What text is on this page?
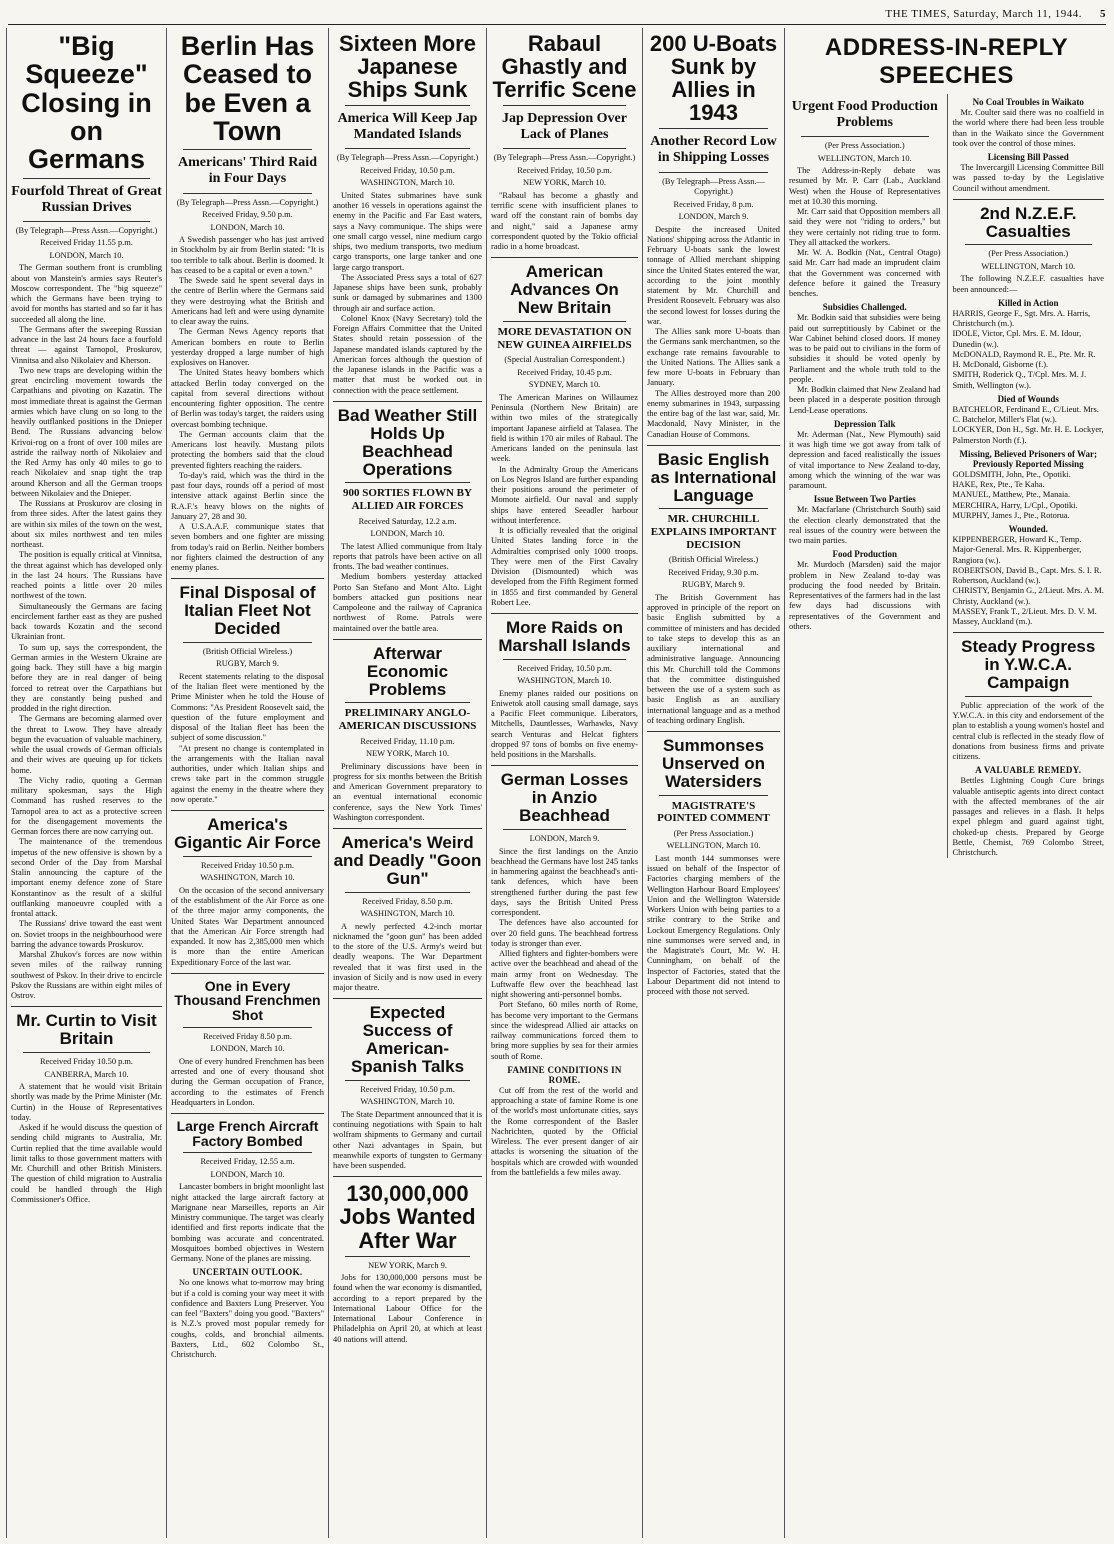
THE TIMES, Saturday, March 11, 1944. 5
"Big Squeeze" Closing in on Germans
Fourfold Threat of Great Russian Drives
(By Telegraph—Press Assn.—Copyright.)
Received Friday 11.55 p.m.
LONDON, March 10.

The German southern front is crumbling about von Manstein's armies says Reuter's Moscow correspondent. The "big squeeze" which the Germans have been trying to avoid for months has started and so far it has succeeded all along the line.

The Germans after the sweeping Russian advance in the last 24 hours face a fourfold threat — against Tarnopol, Proskurov, Vinnitsa and also Nikolaiev and Kherson.

Two new traps are developing within the great encircling movement towards the Carpathians and pivoting on Kazatin. The most immediate threat is against the German armies which have clung on so long to the heavily outflanked positions in the Dnieper Bend. The Russians advancing below Krivoi-rog on a front of over 100 miles are astride the railway north of Nikolaiev and the Red Army has only 40 miles to go to reach Nikolaiev and snap tight the trap around Kherson and all the German troops between Nikolaiev and the Dnieper.

The Russians at Proskurov are closing in from three sides. After the latest gains they are within six miles of the town on the west, about six miles northwest and ten miles northeast.

The position is equally critical at Vinnitsa, the threat against which has developed only in the last 24 hours. The Russians have reached points a little over 20 miles northwest of the town.

Simultaneously the Germans are facing encirclement farther east as they are pushed back towards Kozatin and the second Ukrainian front.

To sum up, says the correspondent, the German armies in the Western Ukraine are going back. They still have a big margin before they are in real danger of being forced to retreat over the Carpathians but they are constantly being pushed and prodded in the right direction.

The Germans are becoming alarmed over the threat to Lwow. They have already begun the evacuation of valuable machinery, while the usual crowds of German officials and their wives are queuing up for tickets home.

The Vichy radio, quoting a German military spokesman, says the High Command has rushed reserves to the Tarnopol area to act as a protective screen for the disengagement movements the German forces there are now carrying out.

The maintenance of the tremendous impetus of the new offensive is shown by a second Order of the Day from Marshal Stalin announcing the capture of the important enemy defence zone of Stare Konstantinov as the result of a skilful outflanking manoeuvre coupled with a frontal attack.

The Russians' drive toward the east went on. Soviet troops in the neighbourhood were barring the advance towards Proskurov.

Marshal Zhukov's forces are now within seven miles of the railway running southwest of Pskov. In their drive to encircle Pskov the Russians are within eight miles of Ostrov.

Mr. Curtin to Visit Britain
Received Friday 10.50 p.m.
CANBERRA, March 10.

A statement that he would visit Britain shortly was made by the Prime Minister (Mr. Curtin) in the House of Representatives today.

Asked if he would discuss the question of sending child migrants to Australia, Mr. Curtin replied that the time available would limit talks to those government matters with Mr. Churchill and other British Ministers. The question of child migration to Australia could be handled through the High Commissioner's Office.

Berlin Has Ceased to be Even a Town
Americans' Third Raid in Four Days
(By Telegraph—Press Assn.—Copyright.)
Received Friday, 9.50 p.m.
LONDON, March 10.

A Swedish passenger who has just arrived in Stockholm by air from Berlin stated: "It is too terrible to talk about. Berlin is doomed. It has ceased to be a capital or even a town."

The Swede said he spent several days in the centre of Berlin where the Germans said they were destroying what the British and Americans had left and were using dynamite to clear away the ruins.

The German News Agency reports that American bombers en route to Berlin yesterday dropped a large number of high explosives on Hanover.

The United States heavy bombers which attacked Berlin today converged on the capital from several directions without encountering fighter opposition. The centre of Berlin was today's target, the raiders using overcast bombing technique.

The German accounts claim that the Americans lost heavily. Mustang pilots protecting the bombers said that the cloud prevented fighters reaching the raiders.

To-day's raid, which was the third in the past four days, rounds off a period of most intensive attack against Berlin since the R.A.F.'s heavy blows on the nights of January 27, 28 and 30.

A U.S.A.A.F. communique states that seven bombers and one fighter are missing from today's raid on Berlin. Neither bombers nor fighters claimed the destruction of any enemy planes.

Final Disposal of Italian Fleet Not Decided
(British Official Wireless.)
RUGBY, March 9.

Recent statements relating to the disposal of the Italian fleet were mentioned by the Prime Minister when he told the House of Commons: "As President Roosevelt said, the question of the future employment and disposal of the Italian fleet has been the subject of some discussion."

"At present no change is contemplated in the arrangements with the Italian naval authorities, under which Italian ships and crews take part in the common struggle against the enemy in the theatre where they now operate."

America's Gigantic Air Force
Received Friday 10.50 p.m.
WASHINGTON, March 10.

On the occasion of the second anniversary of the establishment of the Air Force as one of the three major army components, the United States War Department announced that the American Air Force strength had expanded. It now has 2,385,000 men which is more than the entire American Expeditionary Force of the last war.

One in Every Thousand Frenchmen Shot
Received Friday 8.50 p.m.
LONDON, March 10.

One of every hundred Frenchmen has been arrested and one of every thousand shot during the German occupation of France, according to the estimates of French Headquarters in London.

Large French Aircraft Factory Bombed
Received Friday, 12.55 a.m.
LONDON, March 10.

Lancaster bombers in bright moonlight last night attacked the large aircraft factory at Marignane near Marseilles, reports an Air Ministry communique. The target was clearly identified and first reports indicate that the bombing was accurate and concentrated. Mosquitoes bombed objectives in Western Germany. None of the planes are missing.

UNCERTAIN OUTLOOK.

No one knows what to-morrow may bring but if a cold is coming your way meet it with confidence and Baxters Lung Preserver. You can feel "Baxters" doing you good. "Baxters" is N.Z.'s proved most popular remedy for coughs, colds, and bronchial ailments. Baxters, Ltd., 602 Colombo St., Christchurch.

Sixteen More Japanese Ships Sunk
America Will Keep Jap Mandated Islands
(By Telegraph—Press Assn.—Copyright.)
Received Friday, 10.50 p.m.
WASHINGTON, March 10.

United States submarines have sunk another 16 vessels in operations against the enemy in the Pacific and Far East waters, says a Navy communique. The ships were one small cargo vessel, nine medium cargo ships, two medium transports, two medium cargo transports, one large tanker and one large cargo transport.

The Associated Press says a total of 627 Japanese ships have been sunk, probably sunk or damaged by submarines and 1300 through air and surface action.

Colonel Knox (Navy Secretary) told the Foreign Affairs Committee that the United States should retain possession of the Japanese mandated islands captured by the American forces although the question of the Japanese islands in the Pacific was a matter that must be worked out in connection with the peace settlement.

Bad Weather Still Holds Up Beachhead Operations
900 SORTIES FLOWN BY ALLIED AIR FORCES
Received Saturday, 12.2 a.m.
LONDON, March 10.

The latest Allied communique from Italy reports that patrols have been active on all fronts. The bad weather continues.

Medium bombers yesterday attacked Porto San Stefano and Mont Alto. Light bombers attacked gun positions near Campoleone and the railway of Capranica northwest of Rome. Patrols were maintained over the battle area.

Afterwar Economic Problems
PRELIMINARY ANGLO-AMERICAN DISCUSSIONS
Received Friday, 11.10 p.m.
NEW YORK, March 10.

Preliminary discussions have been in progress for six months between the British and American Government preparatory to an eventual international economic conference, says the New York Times' Washington correspondent.

America's Weird and Deadly "Goon Gun"
Received Friday, 8.50 p.m.
WASHINGTON, March 10.

A newly perfected 4.2-inch mortar nicknamed the "goon gun" has been added to the store of the U.S. Army's weird but deadly weapons. The War Department revealed that it was first used in the invasion of Sicily and is now used in every major theatre.

Expected Success of American-Spanish Talks
Received Friday, 10.50 p.m.
WASHINGTON, March 10.

The State Department announced that it is continuing negotiations with Spain to halt wolfram shipments to Germany and curtail other Nazi advantages in Spain, but meanwhile exports of tungsten to Germany have been suspended.

130,000,000 Jobs Wanted After War
NEW YORK, March 9.

Jobs for 130,000,000 persons must be found when the war economy is dismantled, according to a report prepared by the International Labour Office for the International Labour Conference in Philadelphia on April 20, at which at least 40 nations will attend.

Rabaul Ghastly and Terrific Scene
Jap Depression Over Lack of Planes
(By Telegraph—Press Assn.—Copyright.)
Received Friday, 10.50 p.m.
NEW YORK, March 10.

"Rabaul has become a ghastly and terrific scene with insufficient planes to ward off the constant rain of bombs day and night," said a Japanese army correspondent quoted by the Tokio official radio in a home broadcast.

American Advances On New Britain
MORE DEVASTATION ON NEW GUINEA AIRFIELDS
(Special Australian Correspondent.)
Received Friday, 10.45 p.m.
SYDNEY, March 10.

The American Marines on Willaumez Peninsula (Northern New Britain) are within two miles of the strategically important Japanese airfield at Talasea. The field is within 170 air miles of Rabaul. The Americans landed on the peninsula last week.

In the Admiralty Group the Americans on Los Negros Island are further expanding their positions around the perimeter of Momote airfield. Our naval and supply ships have entered Seeadler harbour without interference.

It is officially revealed that the original United States landing force in the Admiralties comprised only 1000 troops. They were men of the First Cavalry Division (Dismounted) which was developed from the Fifth Regiment formed in 1855 and first commanded by General Robert Lee.

More Raids on Marshall Islands
Received Friday, 10.50 p.m.
WASHINGTON, March 10.

Enemy planes raided our positions on Eniwetok atoll causing small damage, says a Pacific Fleet communique. Liberators, Mitchells, Dauntlesses, Warhawks, Navy search Venturas and Helcat fighters dropped 97 tons of bombs on five enemy-held positions in the Marshalls.

German Losses in Anzio Beachhead
LONDON, March 9.

Since the first landings on the Anzio beachhead the Germans have lost 245 tanks in hammering against the beachhead's anti-tank defences, which have been strengthened further during the past few days, says the British United Press correspondent.

The defences have also accounted for over 20 field guns. The beachhead fortress today is stronger than ever.

Allied fighters and fighter-bombers were active over the beachhead and ahead of the main army front on Wednesday. The Luftwaffe flew over the beachhead last night showering anti-personnel bombs.

Port Stefano, 60 miles north of Rome, has become very important to the Germans since the widespread Allied air attacks on railway communications forced them to bring more supplies by sea for their armies south of Rome.

FAMINE CONDITIONS IN ROME.

Cut off from the rest of the world and approaching a state of famine Rome is one of the world's most unfortunate cities, says the Rome correspondent of the Basler Nachrichten, quoted by the Official Wireless. The ever present danger of air attacks is worsening the situation of the hospitals which are crowded with wounded from the battlefields a few miles away.

200 U-Boats Sunk by Allies in 1943
Another Record Low in Shipping Losses
(By Telegraph—Press Assn.—Copyright.)
Received Friday, 8 p.m.
LONDON, March 9.

Despite the increased United Nations' shipping across the Atlantic in February U-boats sank the lowest tonnage of Allied merchant shipping since the United States entered the war, according to the joint monthly statement by Mr. Churchill and President Roosevelt. February was also the second lowest for losses during the war.

The Allies sank more U-boats than the Germans sank merchantmen, so the exchange rate remains favourable to the United Nations. The Allies sank a few more U-boats in February than January.

The Allies destroyed more than 200 enemy submarines in 1943, surpassing the entire bag of the last war, said, Mr. Macdonald, Navy Minister, in the Canadian House of Commons.

Basic English as International Language
MR. CHURCHILL EXPLAINS IMPORTANT DECISION
(British Official Wireless.)
Received Friday, 9.30 p.m.
RUGBY, March 9.

The British Government has approved in principle of the report on basic English submitted by a committee of ministers and has decided to take steps to develop this as an auxiliary international and administrative language. Announcing this Mr. Churchill told the Commons that the committee distinguished between the use of a system such as basic English as an auxiliary international language and as a method of teaching ordinary English.

Summonses Unserved on Watersiders
MAGISTRATE'S POINTED COMMENT
(Per Press Association.)
WELLINGTON, March 10.

Last month 144 summonses were issued on behalf of the Inspector of Factories charging members of the Wellington Harbour Board Employees' Union and the Wellington Waterside Workers Union with being parties to a strike contrary to the Strike and Lockout Emergency Regulations. Only nine summonses were served and, in the Magistrate's Court, Mr. W. H. Cunningham, on behalf of the Inspector of Factories, stated that the Labour Department did not intend to proceed with those not served.

ADDRESS-IN-REPLY SPEECHES
Urgent Food Production Problems
(Per Press Association.)
WELLINGTON, March 10.

The Address-in-Reply debate was resumed by Mr. P. Carr (Lab., Auckland West) when the House of Representatives met at 10.30 this morning.

Mr. Carr said that Opposition members all said they were not "riding to orders," but they were certainly not riding true to form. They all attacked the workers.

Mr. W. A. Bodkin (Nat., Central Otago) said Mr. Carr had made an imprudent claim that the Government was concerned with defence before it gained the Treasury benches.

Subsidies Challenged.

Mr. Bodkin said that subsidies were being paid out surreptitiously by Cabinet or the War Cabinet behind closed doors. If money was to be paid out to civilians in the form of subsidies it should be voted openly by Parliament and the whole truth told to the people.

Mr. Bodkin claimed that New Zealand had been placed in a desperate position through Lend-Lease operations.

Depression Talk

Mr. Aderman (Nat., New Plymouth) said it was high time we got away from talk of depression and faced realistically the issues of vital importance to New Zealand to-day, among which the winning of the war was paramount.

Issue Between Two Parties

Mr. Macfarlane (Christchurch South) said the election clearly demonstrated that the real issues of the country were between the two main parties.

Food Production

Mr. Murdoch (Marsden) said the major problem in New Zealand to-day was producing the food needed by Britain. Representatives of the farmers had in the last few days had discussions with representatives of the Government and others.

No Coal Troubles in Waikato

Mr. Coulter said there was no coalfield in the world where there had been less trouble than in the Waikato since the Government took over the control of those mines.

Licensing Bill Passed

The Invercargill Licensing Committee Bill was passed to-day by the Legislative Council without amendment.

2nd N.Z.E.F. Casualties
(Per Press Association.)
WELLINGTON, March 10.

The following N.Z.E.F. casualties have been announced:—

Killed in Action
HARRIS, George F., Sgt. Mrs. A. Harris, Christchurch (m.).
IDOLE, Victor, Cpl. Mrs. E. M. Idour, Dunedin (w.).
McDONALD, Raymond R. E., Pte. Mr. R. H. McDonald, Gisborne (f.).
SMITH, Roderick Q., T/Cpl. Mrs. M. J. Smith, Wellington (w.).
Died of Wounds
BATCHELOR, Ferdinand E., C/Lieut. Mrs. C. Batchelor, Miller's Flat (w.).
LOCKYER, Don H., Sgt. Mr. H. E. Lockyer, Palmerston North (f.).
Missing, Believed Prisoners of War; Previously Reported Missing
GOLDSMITH, John, Pte., Opotiki.
HAKE, Rex, Pte., Te Kaha.
MANUEL, Matthew, Pte., Manaia.
MERCHIRA, Harry, L/Cpl., Opotiki.
MURPHY, James J., Pte., Rotorua.
Wounded.
KIPPENBERGER, Howard K., Temp. Major-General. Mrs. R. Kippenberger, Rangiora (w.).
ROBERTSON, David B., Capt. Mrs. S. I. R. Robertson, Auckland (w.).
CHRISTY, Benjamin G., 2/Lieut. Mrs. A. M. Christy, Auckland (w.).
MASSEY, Frank T., 2/Lieut. Mrs. D. V. M. Massey, Auckland (m.).
Steady Progress in Y.W.C.A. Campaign

Public appreciation of the work of the Y.W.C.A. in this city and endorsement of the plan to establish a young women's hostel and central club is reflected in the steady flow of donations from business firms and private citizens.

A VALUABLE REMEDY.

Bettles Lightning Cough Cure brings valuable antiseptic agents into direct contact with the affected membranes of the air passages and relieves in a flash. It helps expel phlegm and guard against tight, choked-up chests. Prepared by George Bettle, Chemist, 769 Colombo Street, Christchurch.
